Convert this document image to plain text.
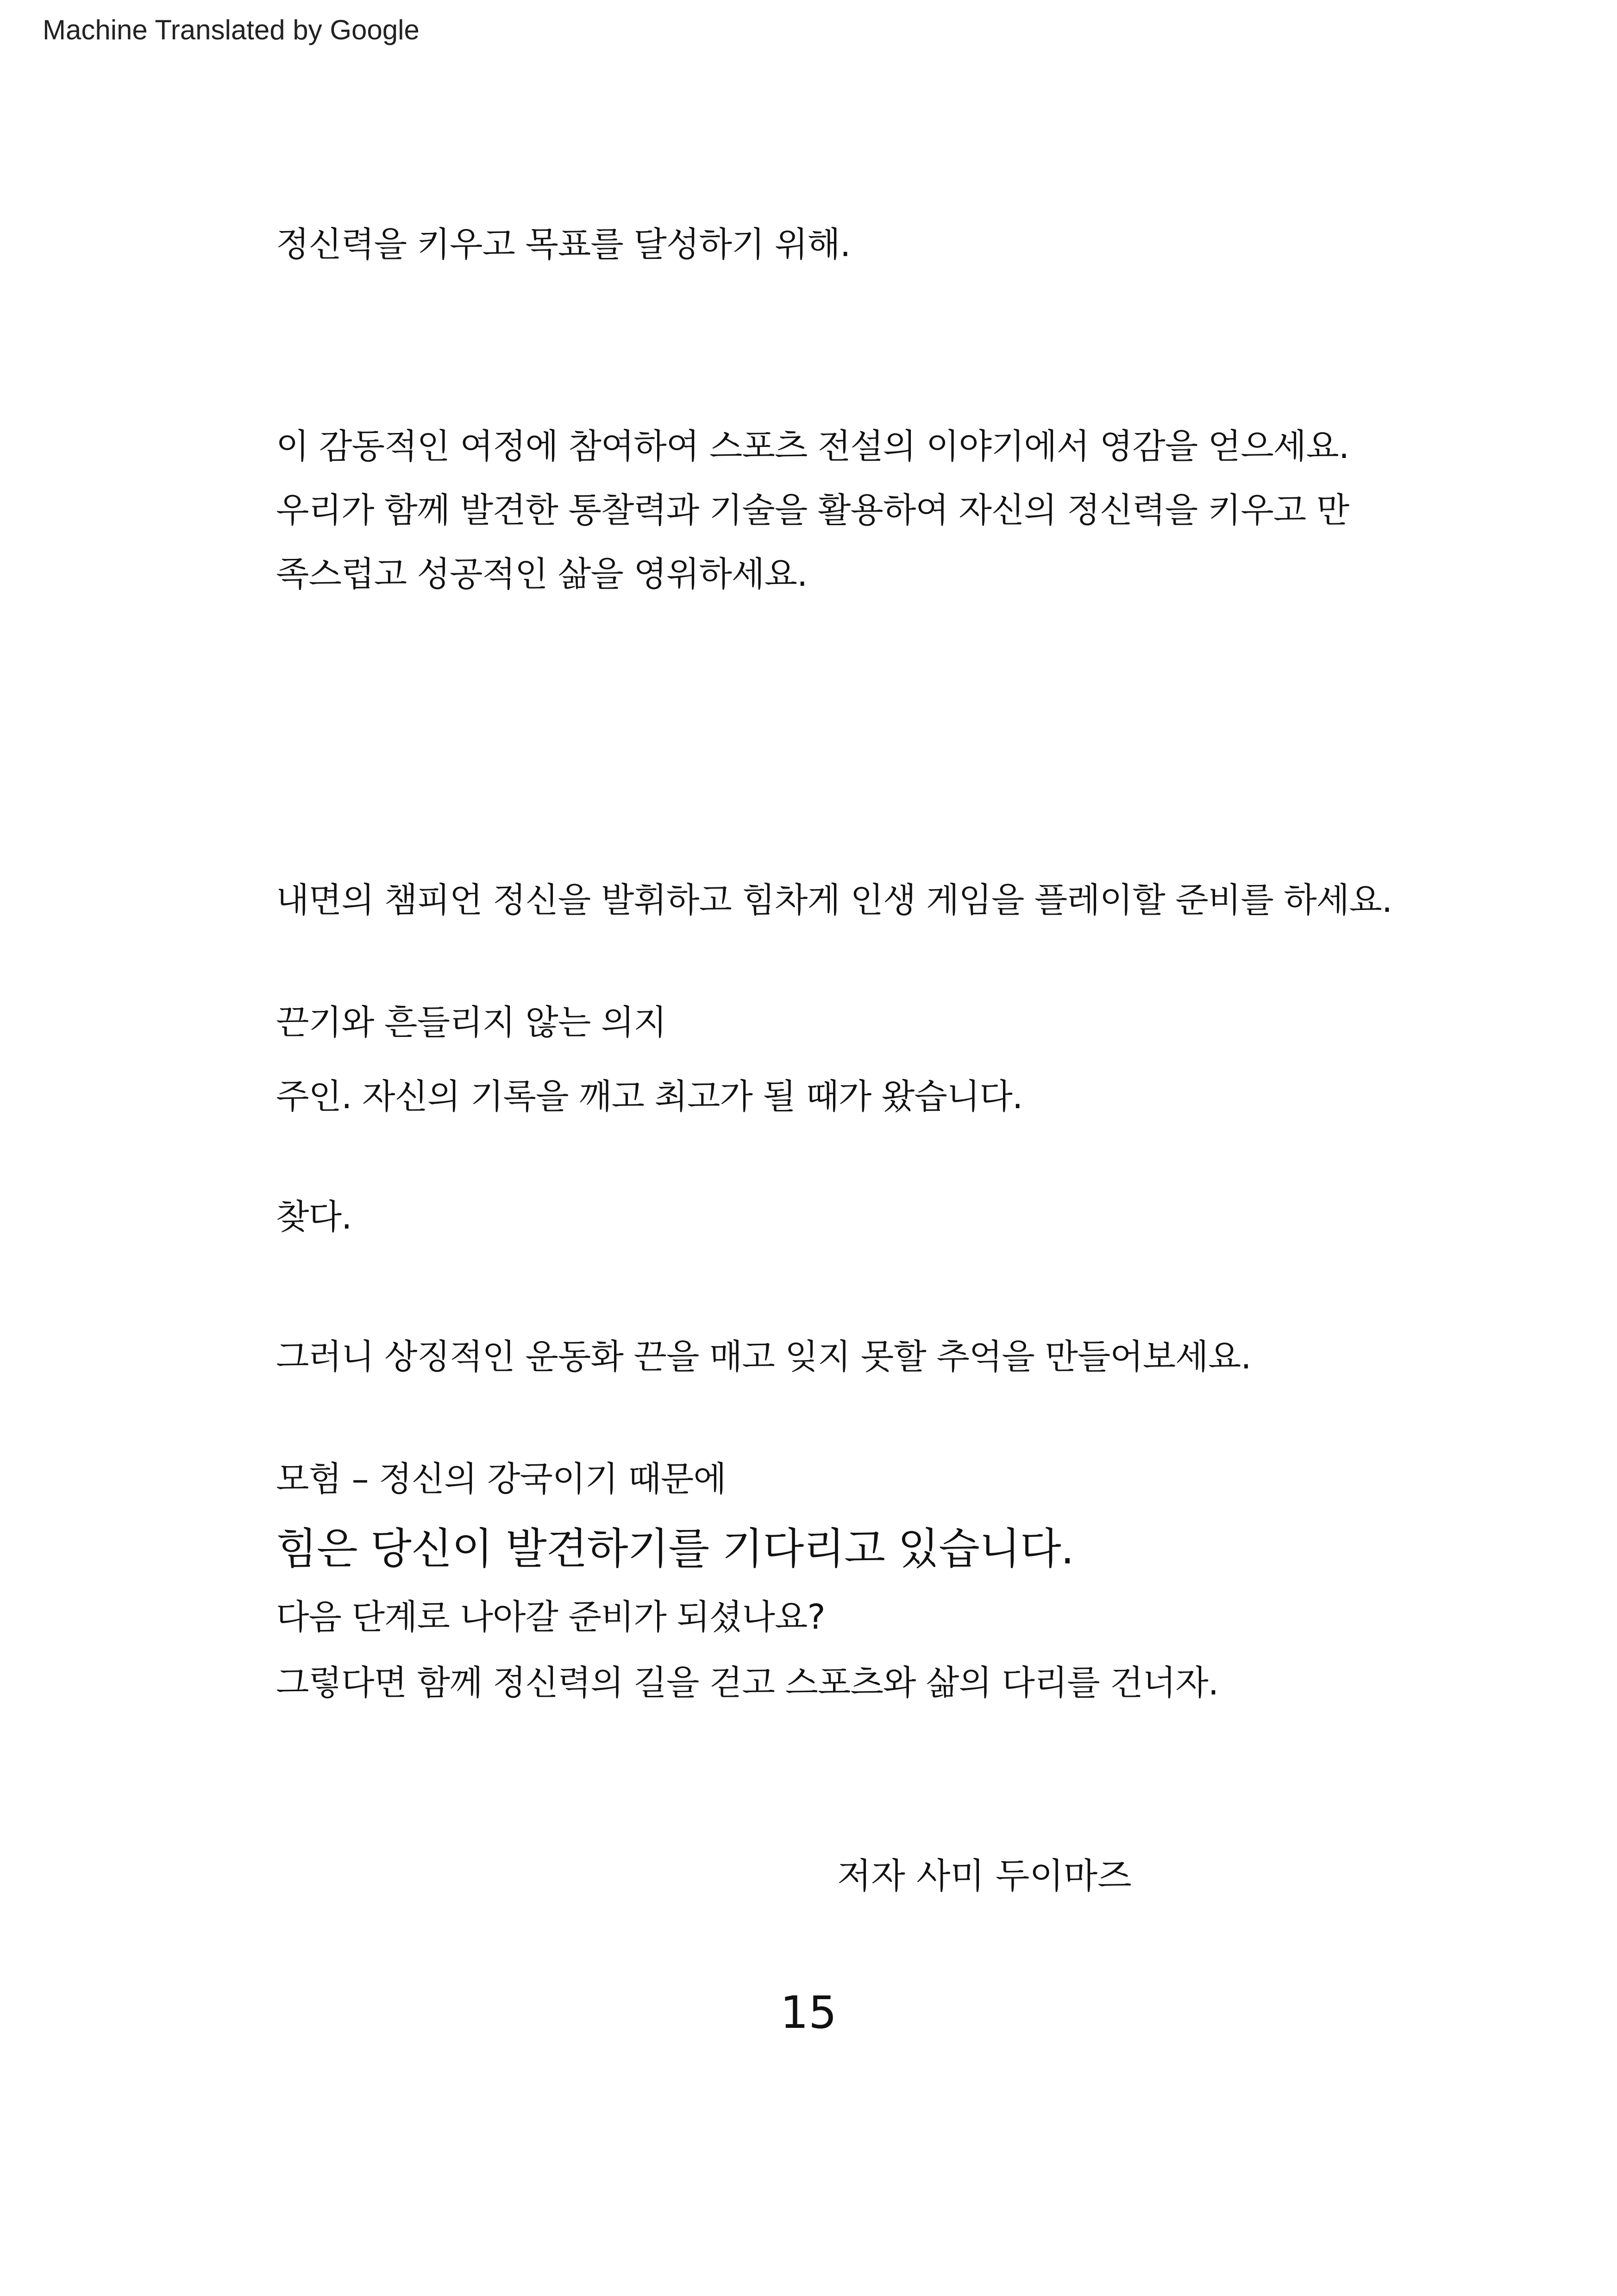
Machine Translated by Google
정신력을 키우고 목표를 달성하기 위해.
이 감동적인 여정에 참여하여 스포츠 전설의 이야기에서 영감을 얻으세요.
우리가 함께 발견한 통찰력과 기술을 활용하여 자신의 정신력을 키우고 만
족스럽고 성공적인 삶을 영위하세요.
내면의 챔피언 정신을 발휘하고 힘차게 인생 게임을 플레이할 준비를 하세요.
끈기와 흔들리지 않는 의지
주인. 자신의 기록을 깨고 최고가 될 때가 왔습니다.
찾다.
그러니 상징적인 운동화 끈을 매고 잊지 못할 추억을 만들어보세요.
모험 – 정신의 강국이기 때문에
힘은 당신이 발견하기를 기다리고 있습니다.
다음 단계로 나아갈 준비가 되셨나요?
그렇다면 함께 정신력의 길을 걷고 스포츠와 삶의 다리를 건너자.
저자 사미 두이마즈
15
